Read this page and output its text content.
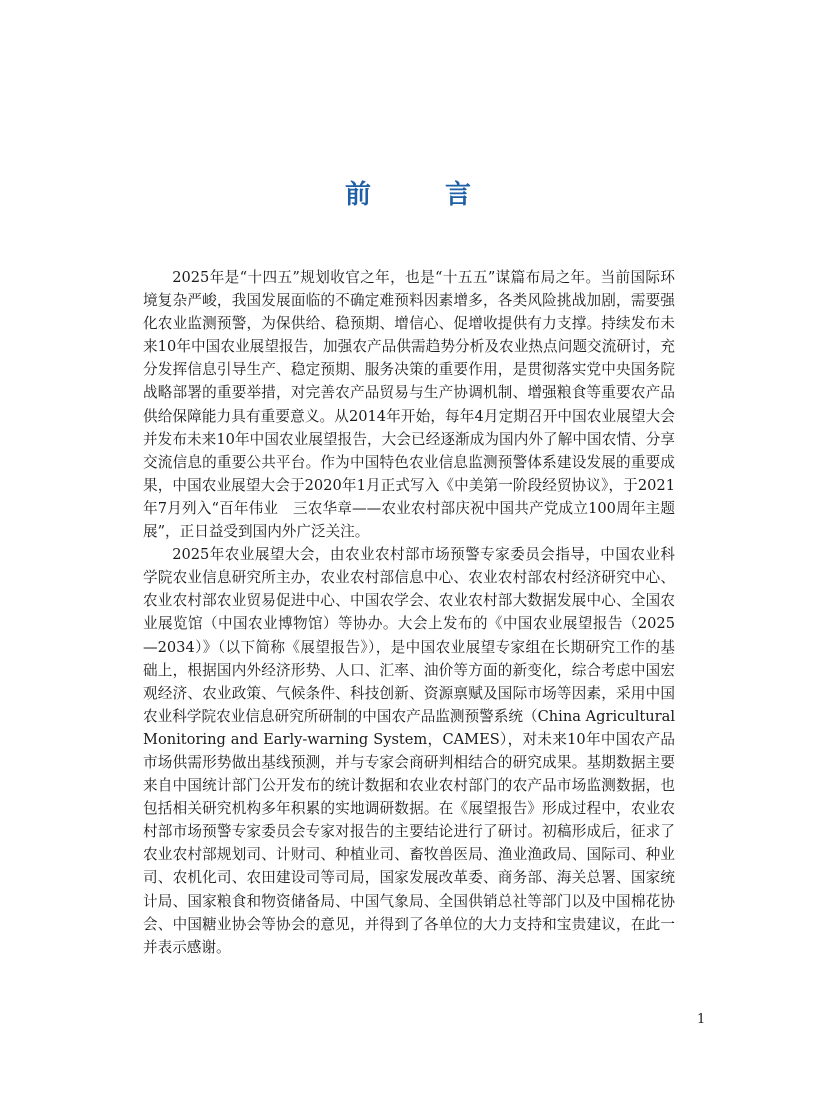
前	言

2025年是“十四五”规划收官之年，也是“十五五”谋篇布局之年。当前国际环境复杂严峻，我国发展面临的不确定难预料因素增多，各类风险挑战加剧，需要强化农业监测预警，为保供给、稳预期、增信心、促增收提供有力支撑。持续发布未来10年中国农业展望报告，加强农产品供需趋势分析及农业热点问题交流研讨，充分发挥信息引导生产、稳定预期、服务决策的重要作用，是贯彻落实党中央国务院战略部署的重要举措，对完善农产品贸易与生产协调机制、增强粮食等重要农产品供给保障能力具有重要意义。从2014年开始，每年4月定期召开中国农业展望大会并发布未来10年中国农业展望报告，大会已经逐渐成为国内外了解中国农情、分享交流信息的重要公共平台。作为中国特色农业信息监测预警体系建设发展的重要成果，中国农业展望大会于2020年1月正式写入《中美第一阶段经贸协议》，于2021年7月列入“百年伟业　三农华章——农业农村部庆祝中国共产党成立100周年主题展”，正日益受到国内外广泛关注。

2025年农业展望大会，由农业农村部市场预警专家委员会指导，中国农业科学院农业信息研究所主办，农业农村部信息中心、农业农村部农村经济研究中心、农业农村部农业贸易促进中心、中国农学会、农业农村部大数据发展中心、全国农业展览馆（中国农业博物馆）等协办。大会上发布的《中国农业展望报告（2025—2034）》（以下简称《展望报告》），是中国农业展望专家组在长期研究工作的基础上，根据国内外经济形势、人口、汇率、油价等方面的新变化，综合考虑中国宏观经济、农业政策、气候条件、科技创新、资源禀赋及国际市场等因素，采用中国农业科学院农业信息研究所研制的中国农产品监测预警系统（China Agricultural Monitoring and Early-warning System，CAMES），对未来10年中国农产品市场供需形势做出基线预测，并与专家会商研判相结合的研究成果。基期数据主要来自中国统计部门公开发布的统计数据和农业农村部门的农产品市场监测数据，也包括相关研究机构多年积累的实地调研数据。在《展望报告》形成过程中，农业农村部市场预警专家委员会专家对报告的主要结论进行了研讨。初稿形成后，征求了农业农村部规划司、计财司、种植业司、畜牧兽医局、渔业渔政局、国际司、种业司、农机化司、农田建设司等司局，国家发展改革委、商务部、海关总署、国家统计局、国家粮食和物资储备局、中国气象局、全国供销总社等部门以及中国棉花协会、中国糖业协会等协会的意见，并得到了各单位的大力支持和宝贵建议，在此一并表示感谢。

1
